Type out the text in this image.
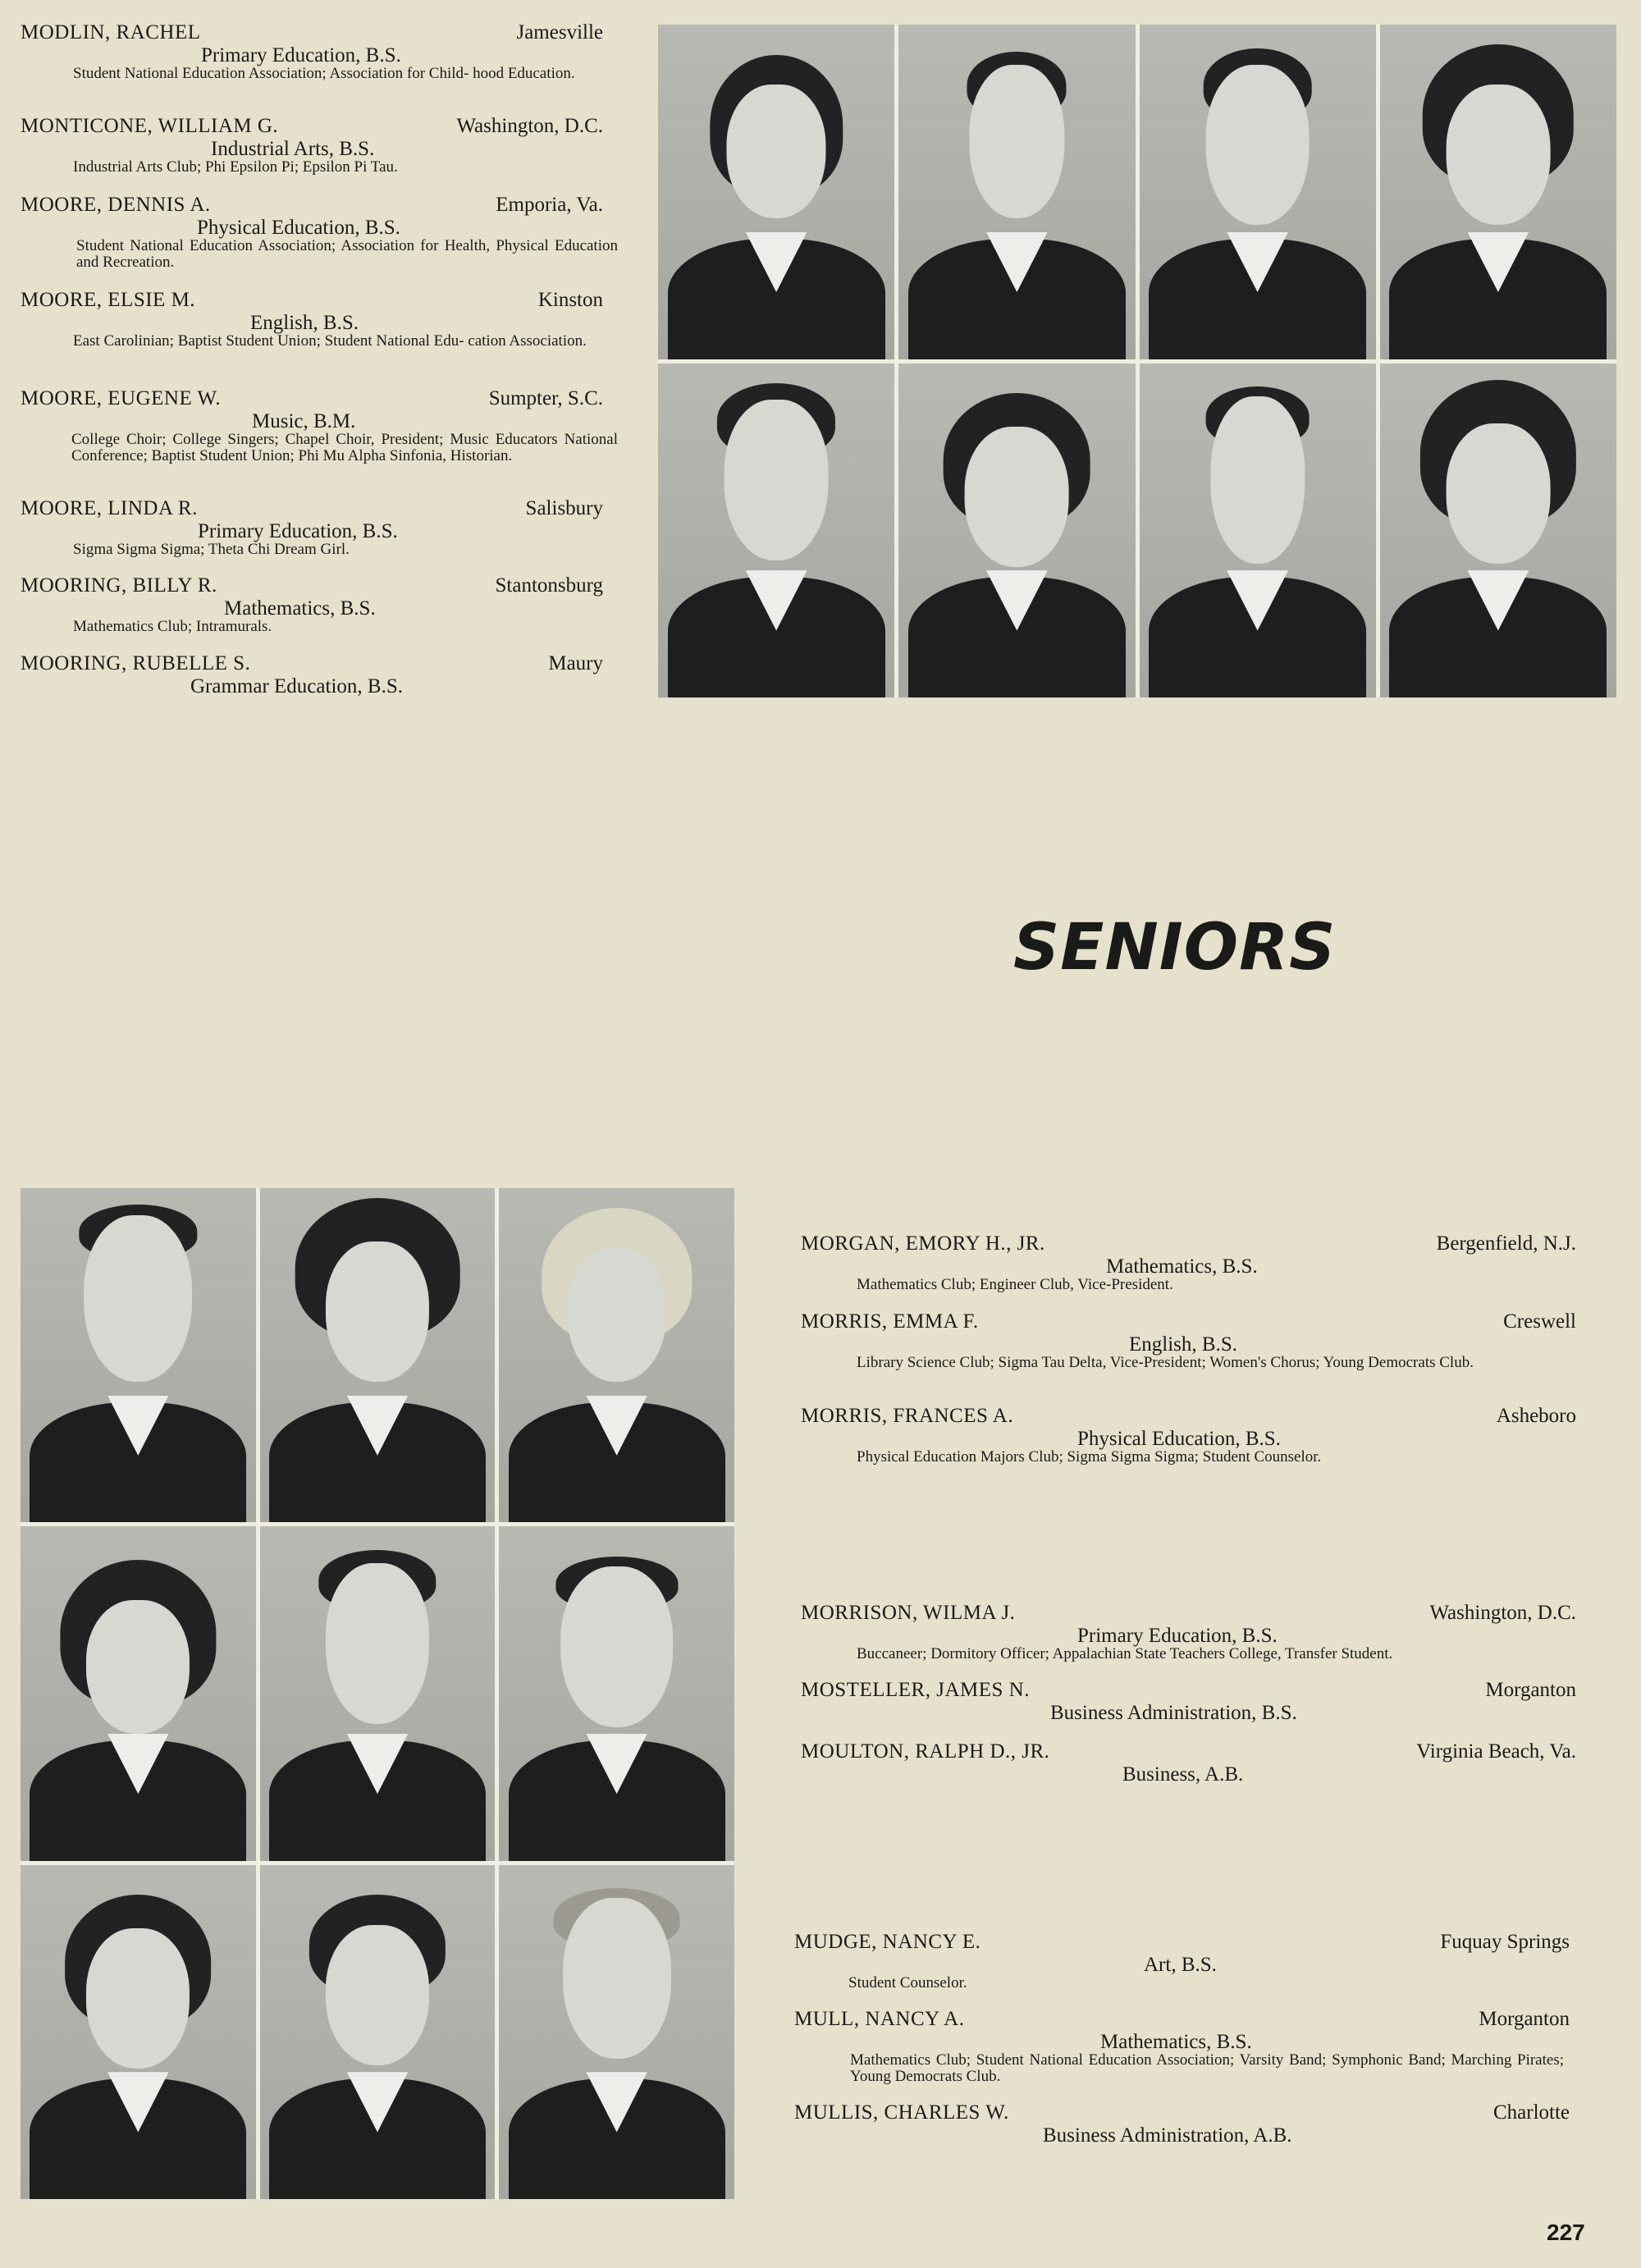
MODLIN, RACHEL	Jamesville
Primary Education, B.S.
Student National Education Association; Association for Child- hood Education.
MONTICONE, WILLIAM G.	Washington, D.C.
Industrial Arts, B.S.
Industrial Arts Club; Phi Epsilon Pi; Epsilon Pi Tau.
MOORE, DENNIS A.	Emporia, Va.
Physical Education, B.S.
Student National Education Association; Association for Health, Physical Education and Recreation.
MOORE, ELSIE M.	Kinston
English, B.S.
East Carolinian; Baptist Student Union; Student National Edu- cation Association.
MOORE, EUGENE W.	Sumpter, S.C.
Music, B.M.
College Choir; College Singers; Chapel Choir, President; Music Educators National Conference; Baptist Student Union; Phi Mu Alpha Sinfonia, Historian.
MOORE, LINDA R.	Salisbury
Primary Education, B.S.
Sigma Sigma Sigma; Theta Chi Dream Girl.
MOORING, BILLY R.	Stantonsburg
Mathematics, B.S.
Mathematics Club; Intramurals.
MOORING, RUBELLE S.	Maury
Grammar Education, B.S.
SENIORS
MORGAN, EMORY H., JR.	Bergenfield, N.J.
Mathematics, B.S.
Mathematics Club; Engineer Club, Vice-President.
MORRIS, EMMA F.	Creswell
English, B.S.
Library Science Club; Sigma Tau Delta, Vice-President; Women's Chorus; Young Democrats Club.
MORRIS, FRANCES A.	Asheboro
Physical Education, B.S.
Physical Education Majors Club; Sigma Sigma Sigma; Student Counselor.
MORRISON, WILMA J.	Washington, D.C.
Primary Education, B.S.
Buccaneer; Dormitory Officer; Appalachian State Teachers College, Transfer Student.
MOSTELLER, JAMES N.	Morganton
Business Administration, B.S.
MOULTON, RALPH D., JR.	Virginia Beach, Va.
Business, A.B.
MUDGE, NANCY E.	Fuquay Springs
Art, B.S.
Student Counselor.
MULL, NANCY A.	Morganton
Mathematics, B.S.
Mathematics Club; Student National Education Association; Varsity Band; Symphonic Band; Marching Pirates; Young Democrats Club.
MULLIS, CHARLES W.	Charlotte
Business Administration, A.B.
227
